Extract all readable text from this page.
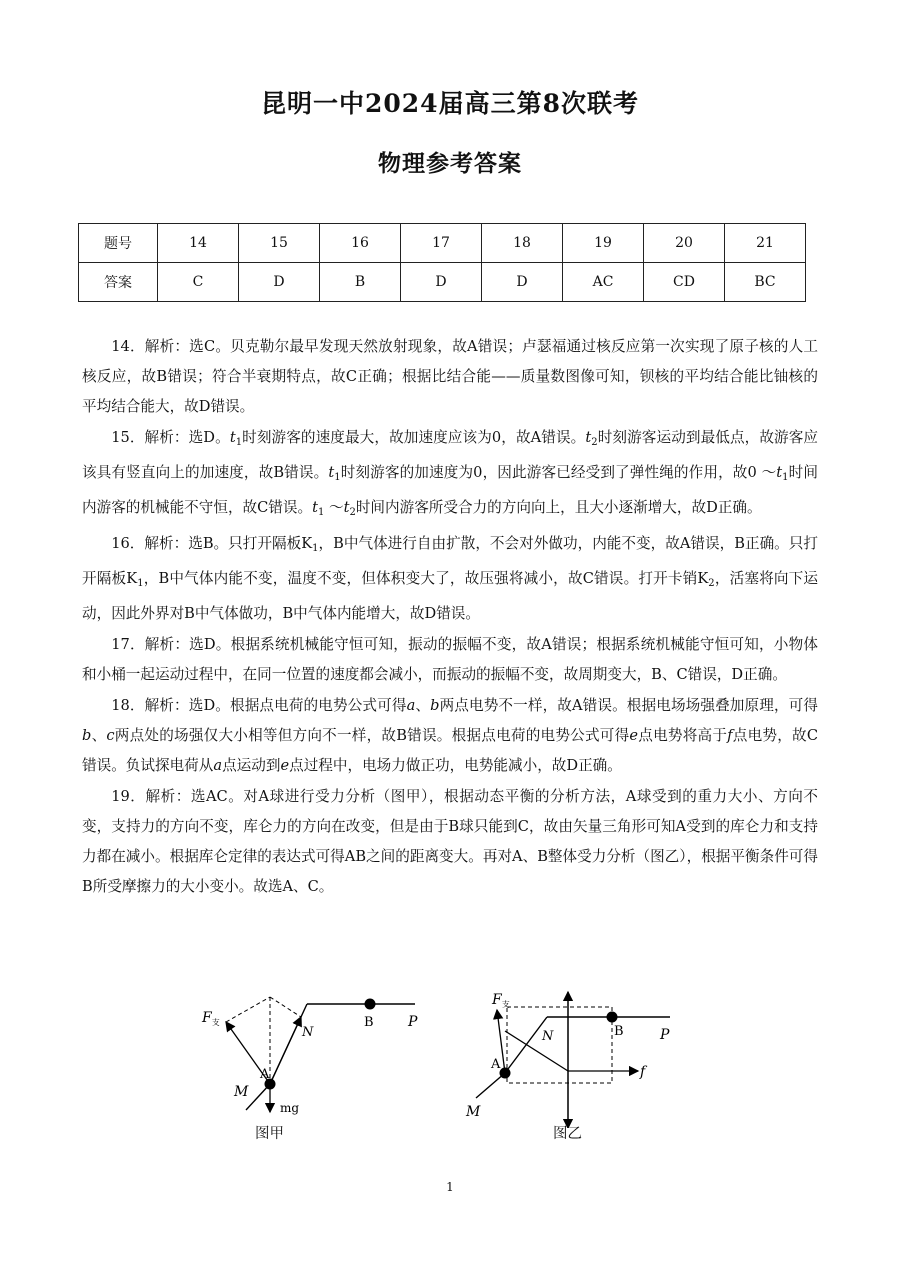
昆明一中2024届高三第8次联考
物理参考答案
题号	14	15	16	17	18	19	20	21
答案	C	D	B	D	D	AC	CD	BC

14．解析：选C。贝克勒尔最早发现天然放射现象，故A错误；卢瑟福通过核反应第一次实现了原子核的人工核反应，故B错误；符合半衰期特点，故C正确；根据比结合能——质量数图像可知，钡核的平均结合能比铀核的平均结合能大，故D错误。

15．解析：选D。$t_1$时刻游客的速度最大，故加速度应该为0，故A错误。$t_2$时刻游客运动到最低点，故游客应该具有竖直向上的加速度，故B错误。$t_1$时刻游客的加速度为0，因此游客已经受到了弹性绳的作用，故0 $\sim t_1$时间内游客的机械能不守恒，故C错误。$t_1$ $\sim t_2$时间内游客所受合力的方向向上，且大小逐渐增大，故D正确。

16．解析：选B。只打开隔板$K_1$，B中气体进行自由扩散，不会对外做功，内能不变，故A错误，B正确。只打开隔板$K_1$，B中气体内能不变，温度不变，但体积变大了，故压强将减小，故C错误。打开卡销$K_2$，活塞将向下运动，因此外界对B中气体做功，B中气体内能增大，故D错误。

17．解析：选D。根据系统机械能守恒可知，振动的振幅不变，故A错误；根据系统机械能守恒可知，小物体和小桶一起运动过程中，在同一位置的速度都会减小，而振动的振幅不变，故周期变大，B、C错误，D正确。

18．解析：选D。根据点电荷的电势公式可得a、b两点电势不一样，故A错误。根据电场场强叠加原理，可得b、c两点处的场强仅大小相等但方向不一样，故B错误。根据点电荷的电势公式可得e点电势将高于f点电势，故C错误。负试探电荷从a点运动到e点过程中，电场力做正功，电势能减小，故D正确。

19．解析：选AC。对A球进行受力分析（图甲），根据动态平衡的分析方法，A球受到的重力大小、方向不变，支持力的方向不变，库仑力的方向在改变，但是由于B球只能到C，故由矢量三角形可知A受到的库仑力和支持力都在减小。根据库仑定律的表达式可得AB之间的距离变大。再对A、B整体受力分析（图乙），根据平衡条件可得B所受摩擦力的大小变小。故选A、C。

$F_支$
A
N
B P
M
mg
图甲
$F_支$
A
N	B	P
M
f
图乙
1
